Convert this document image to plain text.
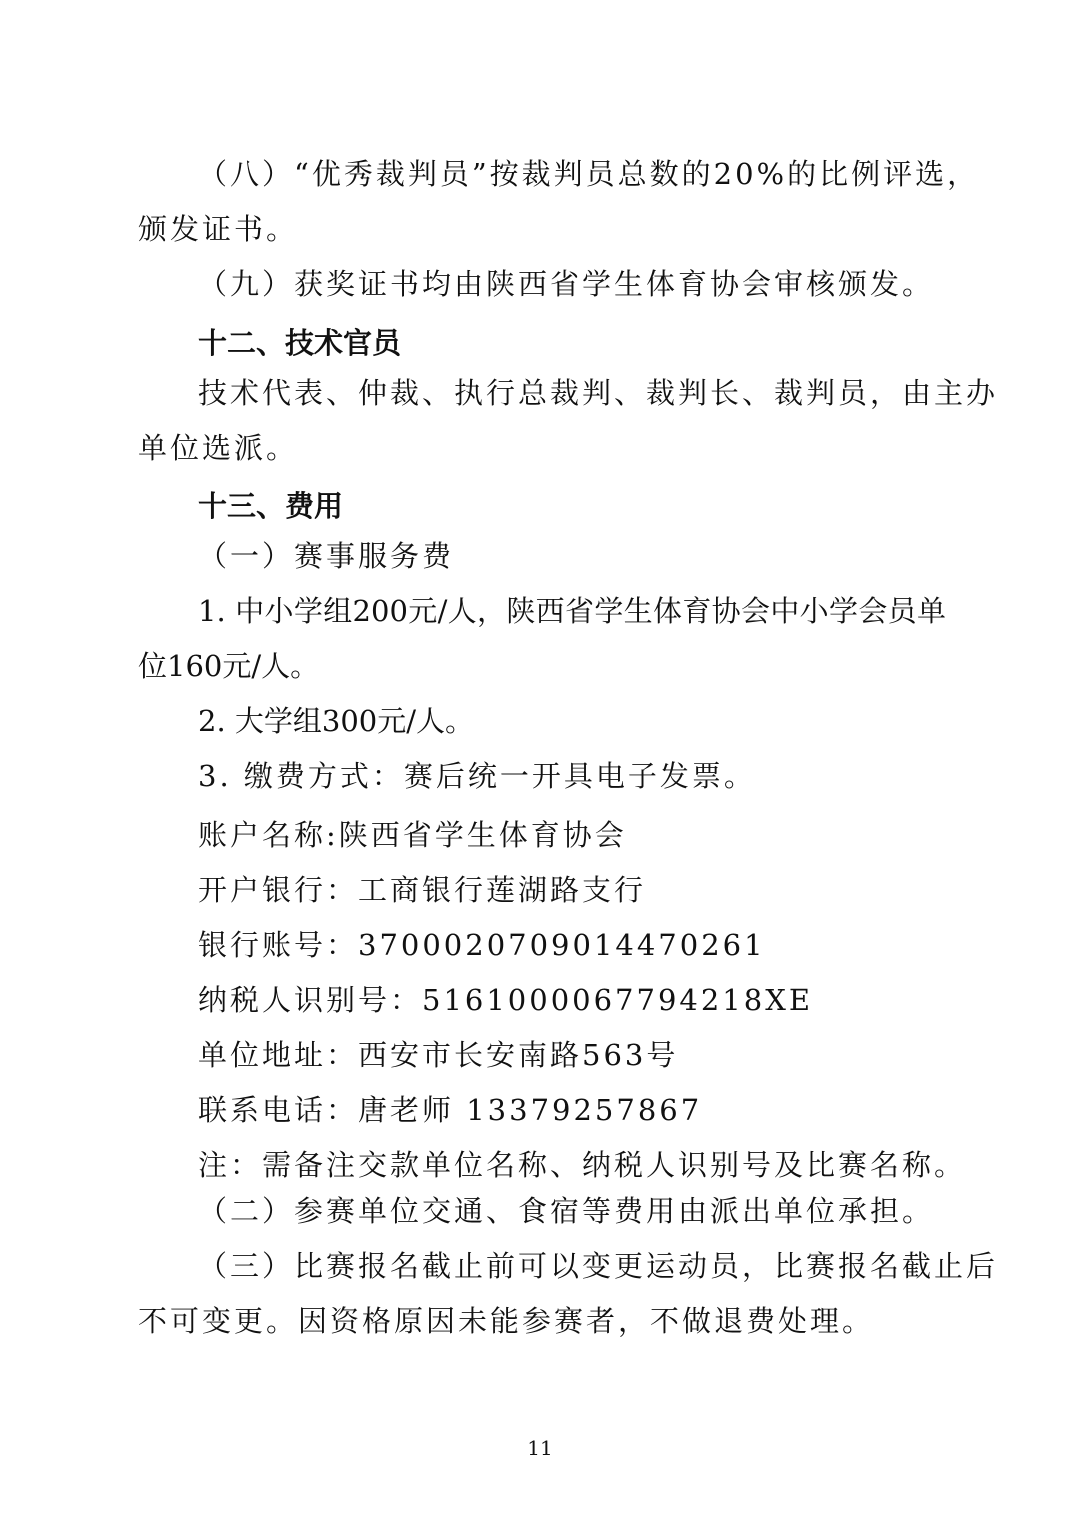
（八）“优秀裁判员”按裁判员总数的20%的比例评选，
颁发证书。
（九）获奖证书均由陕西省学生体育协会审核颁发。
十二、技术官员
技术代表、仲裁、执行总裁判、裁判长、裁判员，由主办
单位选派。
十三、费用
（一）赛事服务费
1. 中小学组200元/人，陕西省学生体育协会中小学会员单
位160元/人。
2. 大学组300元/人。
3. 缴费方式：赛后统一开具电子发票。
账户名称:陕西省学生体育协会
开户银行：工商银行莲湖路支行
银行账号：3700020709014470261
纳税人识别号：5161000067794218XE
单位地址：西安市长安南路563号
联系电话：唐老师 13379257867
注：需备注交款单位名称、纳税人识别号及比赛名称。
（二）参赛单位交通、食宿等费用由派出单位承担。
（三）比赛报名截止前可以变更运动员，比赛报名截止后
不可变更。因资格原因未能参赛者，不做退费处理。
11
